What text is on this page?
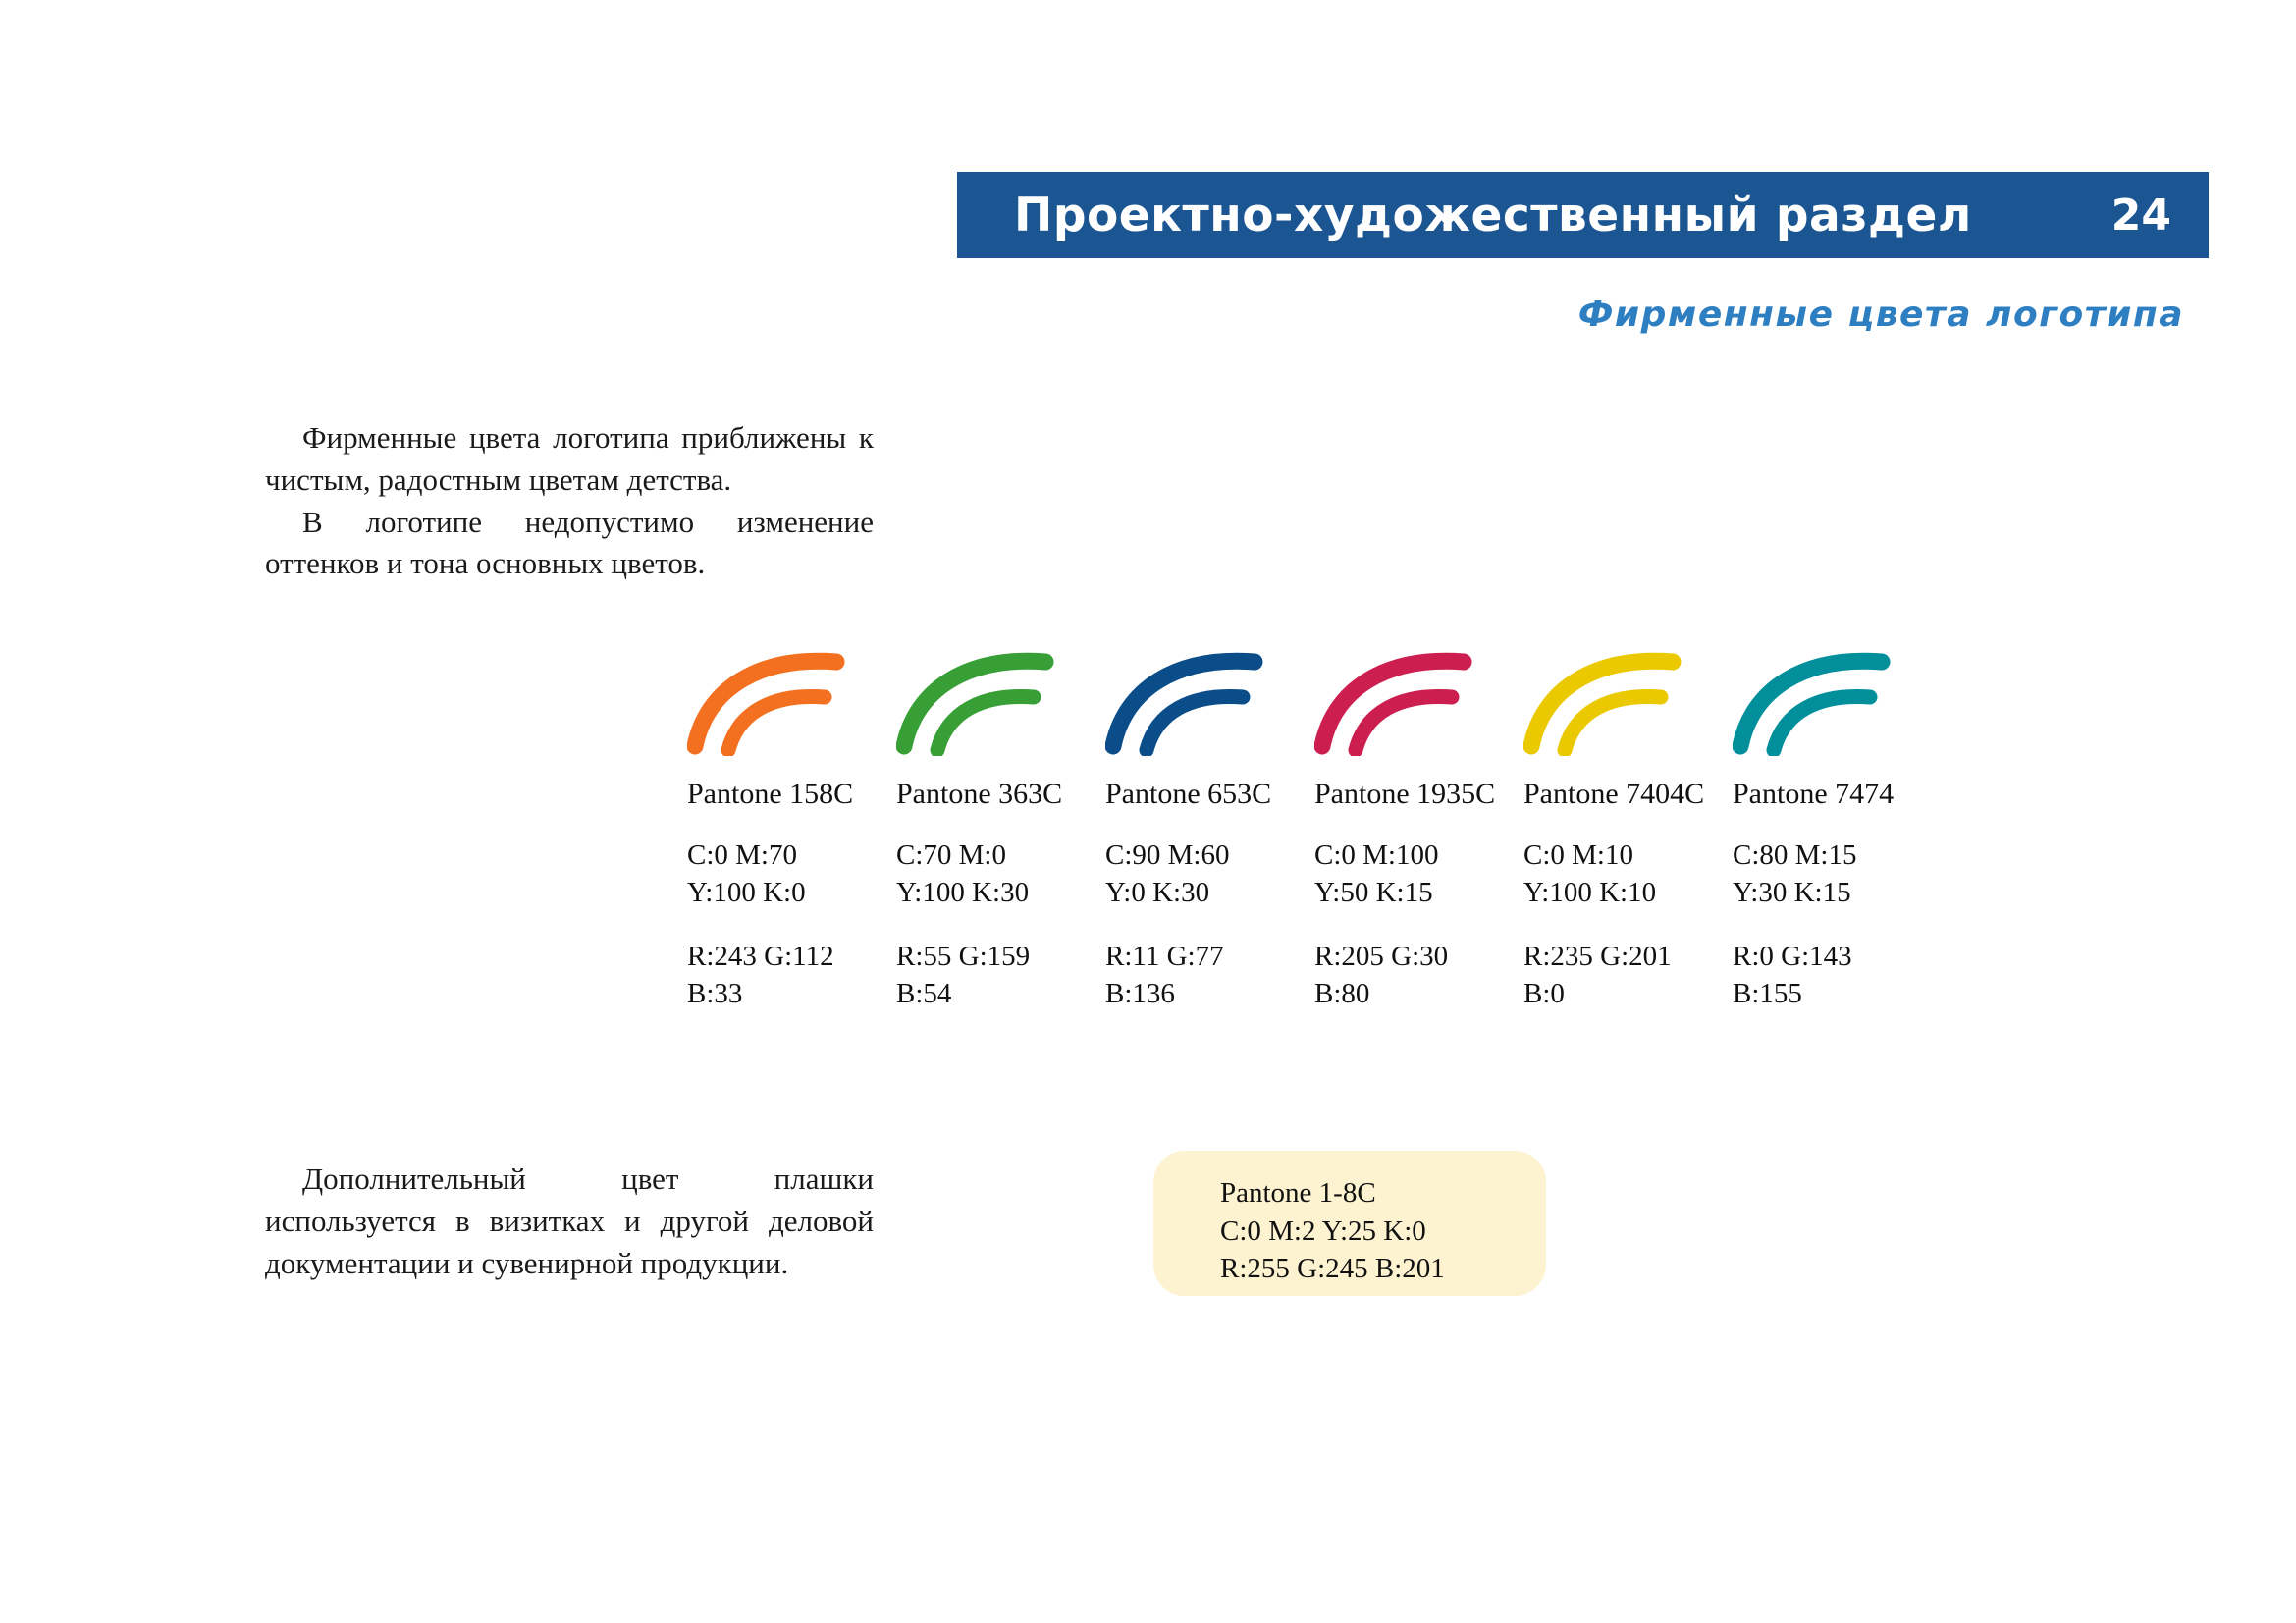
Проектно-художественный раздел	24
Фирменные цвета логотипа

Фирменные цвета логотипа приближены к чистым, радостным цветам детства.

В логотипе недопустимо изменение оттенков и тона основных цветов.

Pantone 158C
C:0 M:70
Y:100 K:0
R:243 G:112
B:33
Pantone 363C
C:70 M:0
Y:100 K:30
R:55 G:159
B:54
Pantone 653C
C:90 M:60
Y:0 K:30
R:11 G:77
B:136
Pantone 1935C
C:0 M:100
Y:50 K:15
R:205 G:30
B:80
Pantone 7404C
C:0 M:10
Y:100 K:10
R:235 G:201
B:0
Pantone 7474
C:80 M:15
Y:30 K:15
R:0 G:143
B:155

Дополнительный цвет плашки используется в визитках и другой деловой документации и сувенирной продукции.

Pantone 1-8C
C:0 M:2 Y:25 K:0
R:255 G:245 B:201
